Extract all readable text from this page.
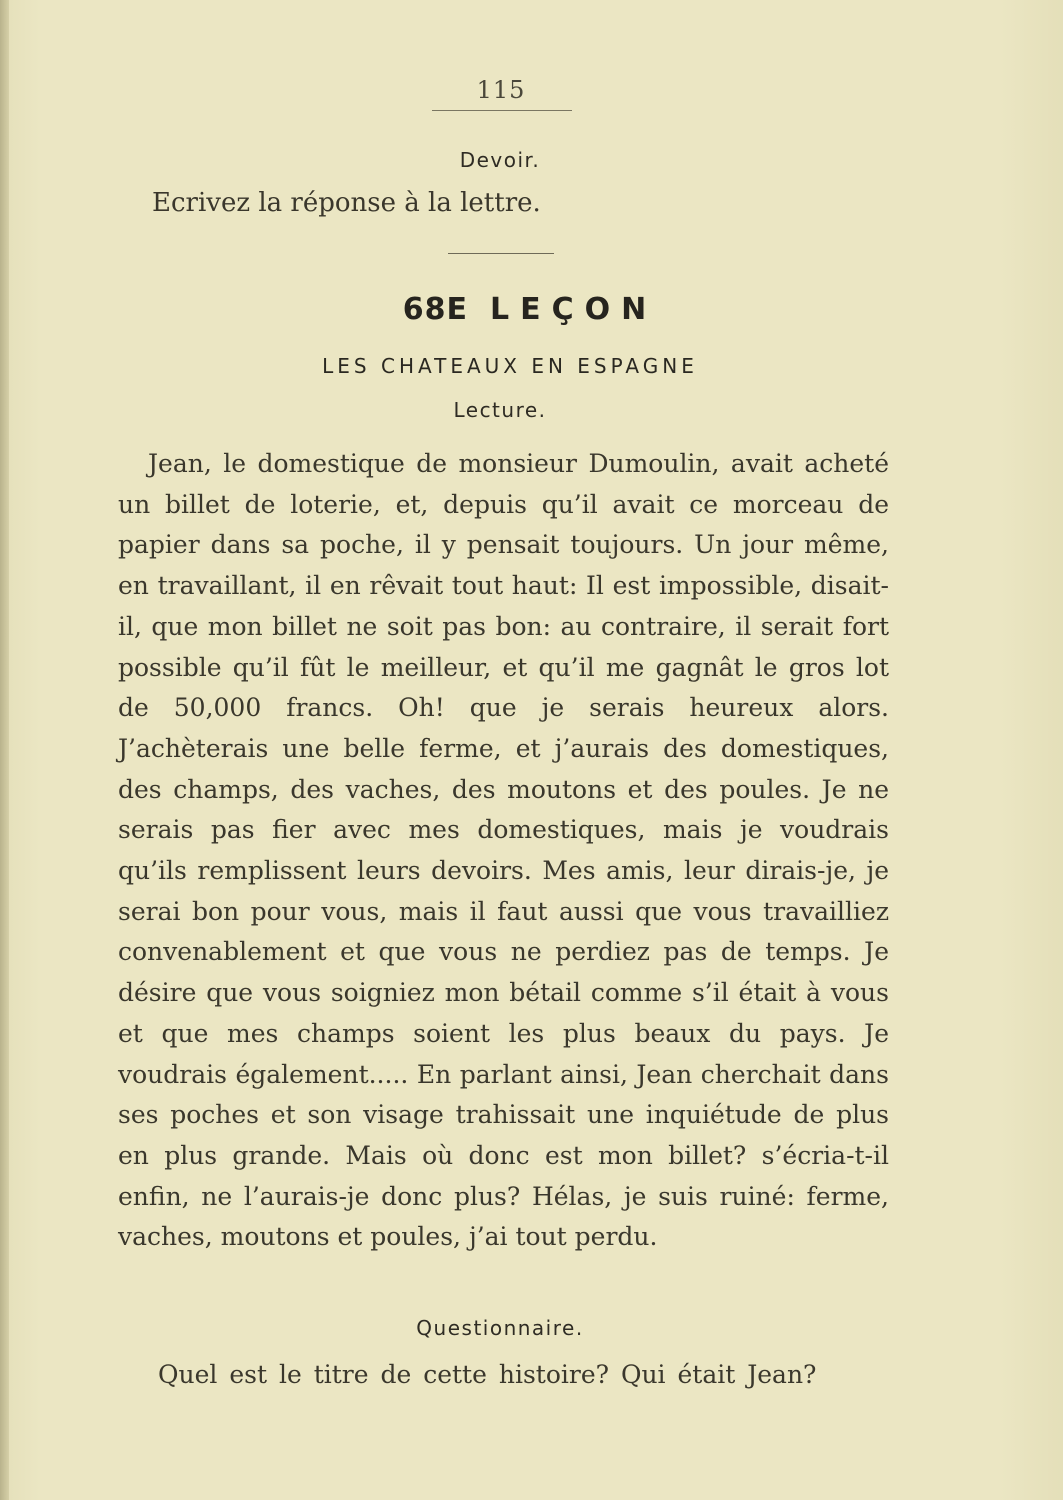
115
Devoir.
Ecrivez la réponse à la lettre.
68E LEÇON
LES CHATEAUX EN ESPAGNE
Lecture.

Jean, le domestique de monsieur Dumoulin, avait acheté un billet de loterie, et, depuis qu’il avait ce morceau de papier dans sa poche, il y pensait toujours. Un jour même, en travaillant, il en rêvait tout haut: Il est impossible, disait-il, que mon billet ne soit pas bon: au contraire, il serait fort possible qu’il fût le meilleur, et qu’il me gagnât le gros lot de 50,000 francs. Oh! que je serais heureux alors. J’achèterais une belle ferme, et j’aurais des domestiques, des champs, des vaches, des moutons et des poules. Je ne serais pas fier avec mes domestiques, mais je voudrais qu’ils remplissent leurs devoirs. Mes amis, leur dirais-je, je serai bon pour vous, mais il faut aussi que vous travailliez convenablement et que vous ne perdiez pas de temps. Je désire que vous soigniez mon bétail comme s’il était à vous et que mes champs soient les plus beaux du pays. Je voudrais également..... En parlant ainsi, Jean cherchait dans ses poches et son visage trahissait une inquiétude de plus en plus grande. Mais où donc est mon billet? s’écria-t-il enfin, ne l’aurais-je donc plus? Hélas, je suis ruiné: ferme, vaches, moutons et poules, j’ai tout perdu.

Questionnaire.
Quel est le titre de cette histoire? Qui était Jean?
